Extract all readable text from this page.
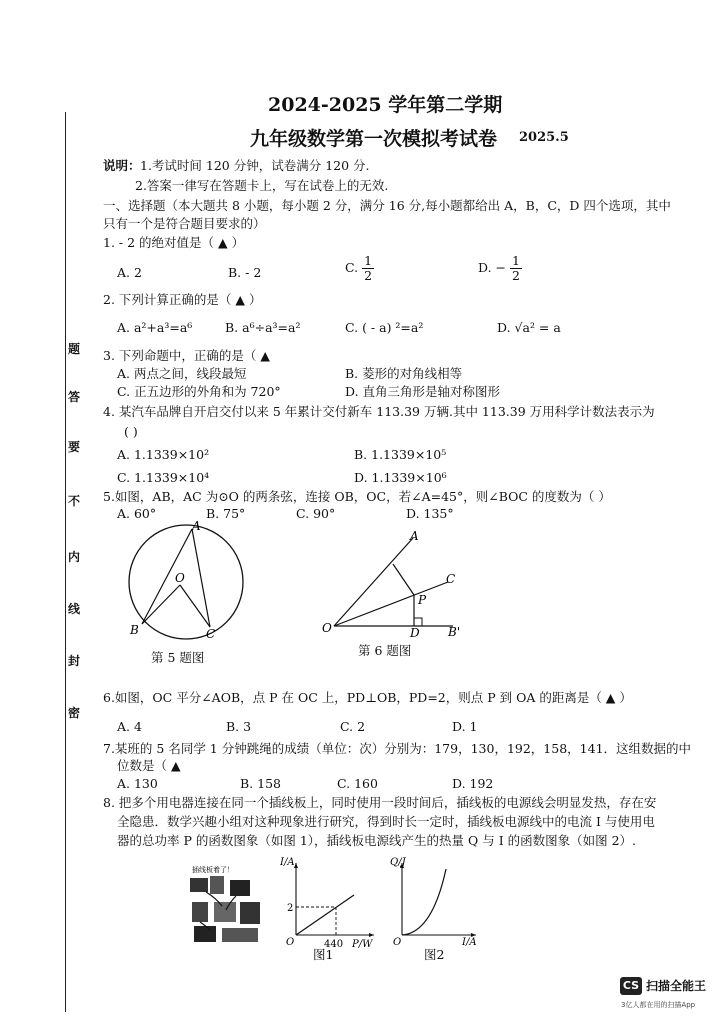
题
答
要
不
内
线
封
密
2024-2025 学年第二学期
九年级数学第一次模拟考试卷 2025.5
说明： 1.考试时间 120 分钟，试卷满分 120 分.
2.答案一律写在答题卡上，写在试卷上的无效.
一、选择题（本大题共 8 小题，每小题 2 分，满分 16 分,每小题都给出 A，B，C，D 四个选项，其中
只有一个是符合题目要求的）
1. - 2 的绝对值是（ ▲ ）
A. 2	B. - 2	C. $\frac{1}{2}$	D. − $\frac{1}{2}$
2. 下列计算正确的是（ ▲ ）
A. a²+a³=a⁶	B. a⁶÷a³=a²	C. ( - a) ²=a²	D. √a² = a
3. 下列命题中，正确的是（ ▲
A. 两点之间，线段最短	B. 菱形的对角线相等
C. 正五边形的外角和为 720°	D. 直角三角形是轴对称图形
4. 某汽车品牌自开启交付以来 5 年累计交付新车 113.39 万辆.其中 113.39 万用科学计数法表示为
( )
A. 1.1339×10²	B. 1.1339×10⁵
C. 1.1339×10⁴	D. 1.1339×10⁶
5.如图，AB，AC 为⊙O 的两条弦，连接 OB，OC，若∠A=45°，则∠BOC 的度数为（ ）
A. 60°	B. 75°	C. 90°	D. 135°
A
O
B	C
第 5 题图
A
C
P
O	D B'
第 6 题图
6.如图，OC 平分∠AOB，点 P 在 OC 上，PD⊥OB，PD=2，则点 P 到 OA 的距离是（ ▲ ）
A. 4	B. 3	C. 2	D. 1
7.某班的 5 名同学 1 分钟跳绳的成绩（单位：次）分别为：179，130，192，158，141．这组数据的中
位数是（ ▲
A. 130	B. 158	C. 160	D. 192
8. 把多个用电器连接在同一个插线板上，同时使用一段时间后，插线板的电源线会明显发热，存在安
全隐患．数学兴趣小组对这种现象进行研究，得到时长一定时，插线板电源线中的电流 I 与使用电
器的总功率 P 的函数图象（如图 1），插线板电源线产生的热量 Q 与 I 的函数图象（如图 2）.
插线板着了！
I/A
2
O	440 P/W
图1
Q/J
O	I/A
图2
CS 扫描全能王
3亿人都在用的扫描App
